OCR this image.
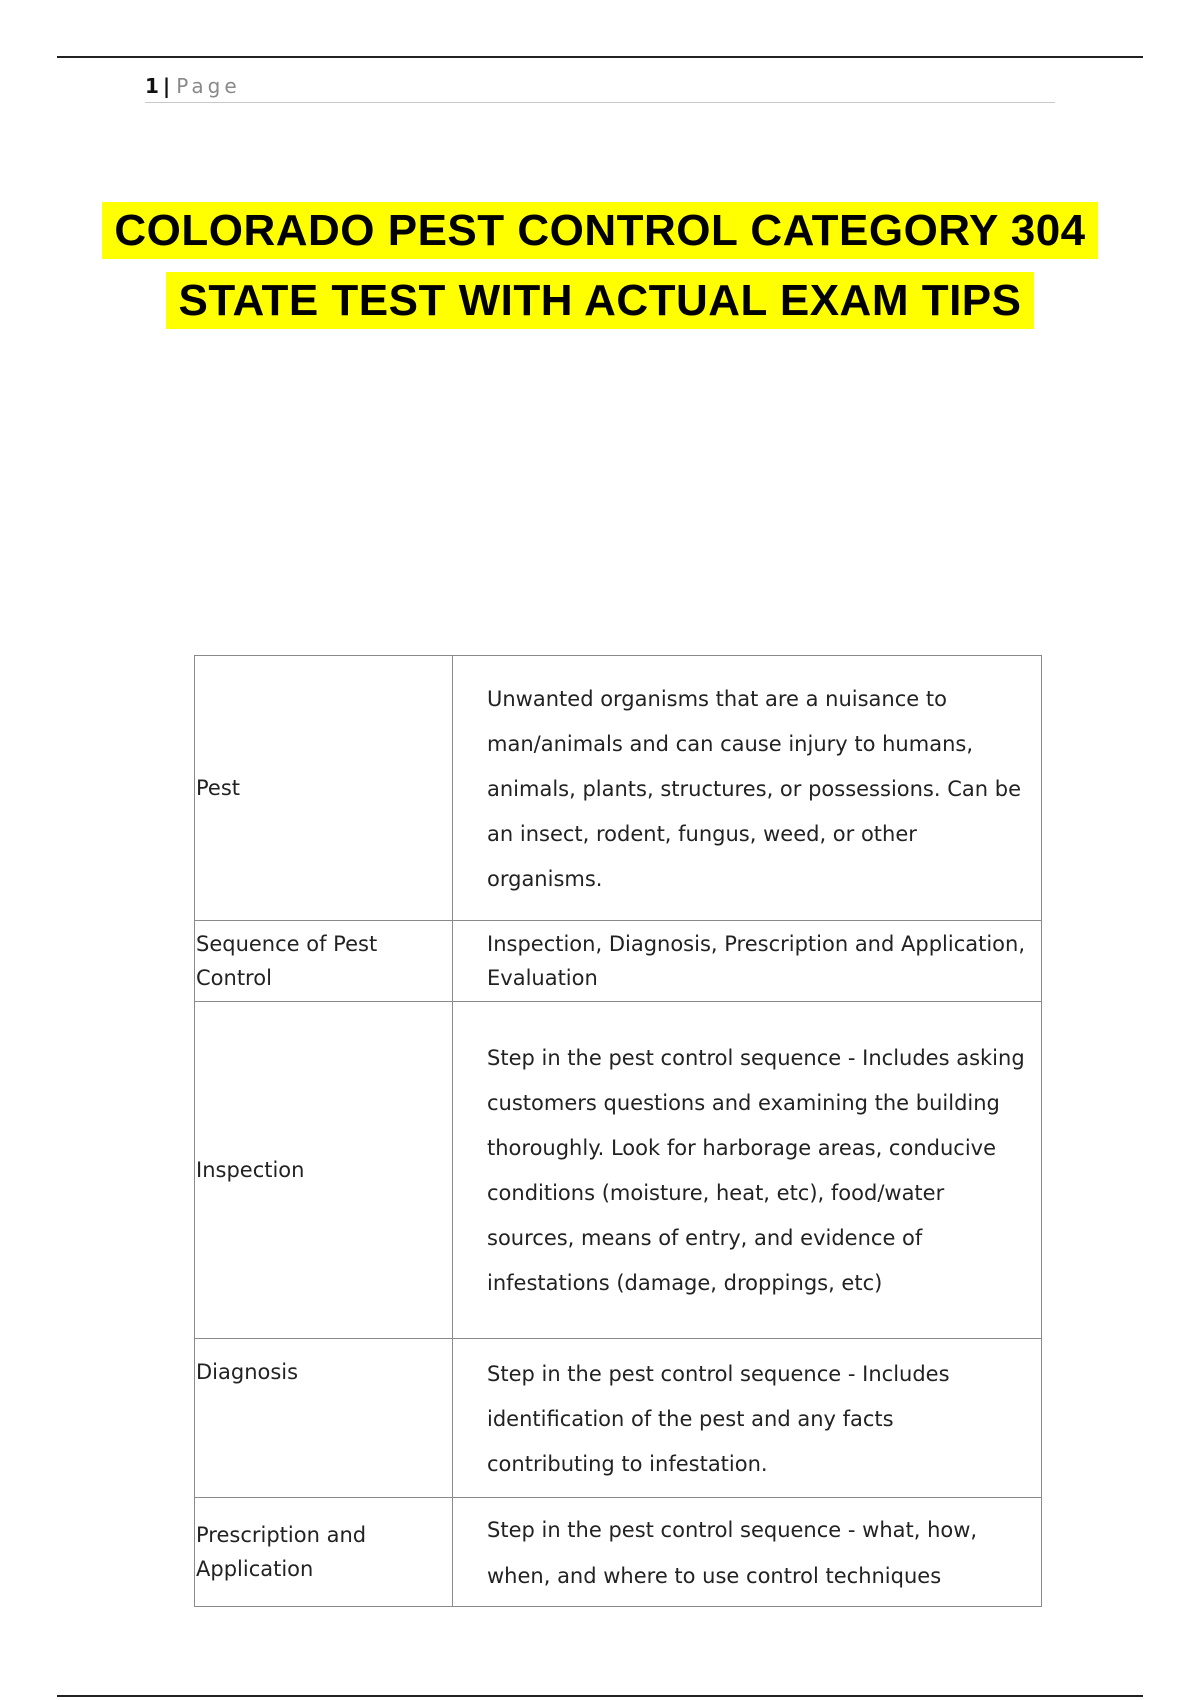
1 | Page
COLORADO PEST CONTROL CATEGORY 304 STATE TEST WITH ACTUAL EXAM TIPS
Pest	Unwanted organisms that are a nuisance to man/animals and can cause injury to humans, animals, plants, structures, or possessions. Can be an insect, rodent, fungus, weed, or other organisms.
Sequence of Pest Control	Inspection, Diagnosis, Prescription and Application, Evaluation
Inspection	Step in the pest control sequence - Includes asking customers questions and examining the building thoroughly. Look for harborage areas, conducive conditions (moisture, heat, etc), food/water sources, means of entry, and evidence of infestations (damage, droppings, etc)
Diagnosis	Step in the pest control sequence - Includes identification of the pest and any facts contributing to infestation.
Prescription and Application	Step in the pest control sequence - what, how, when, and where to use control techniques
